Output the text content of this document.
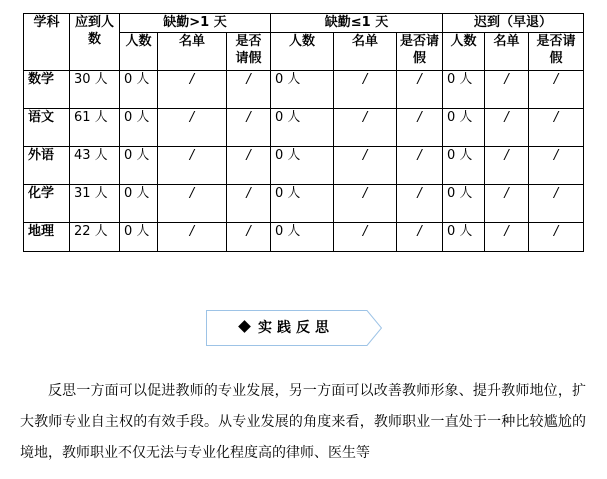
学科	应到人数	缺勤>1 天			缺勤≤1 天			迟到（早退）		
		人数	名单	是否请假	人数	名单	是否请假	人数	名单	是否请假
数学	30 人	0 人	/	/	0 人	/	/	0 人	/	/
语文	61 人	0 人	/	/	0 人	/	/	0 人	/	/
外语	43 人	0 人	/	/	0 人	/	/	0 人	/	/
化学	31 人	0 人	/	/	0 人	/	/	0 人	/	/
地理	22 人	0 人	/	/	0 人	/	/	0 人	/	/
实践反思

反思一方面可以促进教师的专业发展，另一方面可以改善教师形象、提升教师地位，扩大教师专业自主权的有效手段。从专业发展的角度来看，教师职业一直处于一种比较尴尬的境地，教师职业不仅无法与专业化程度高的律师、医生等
